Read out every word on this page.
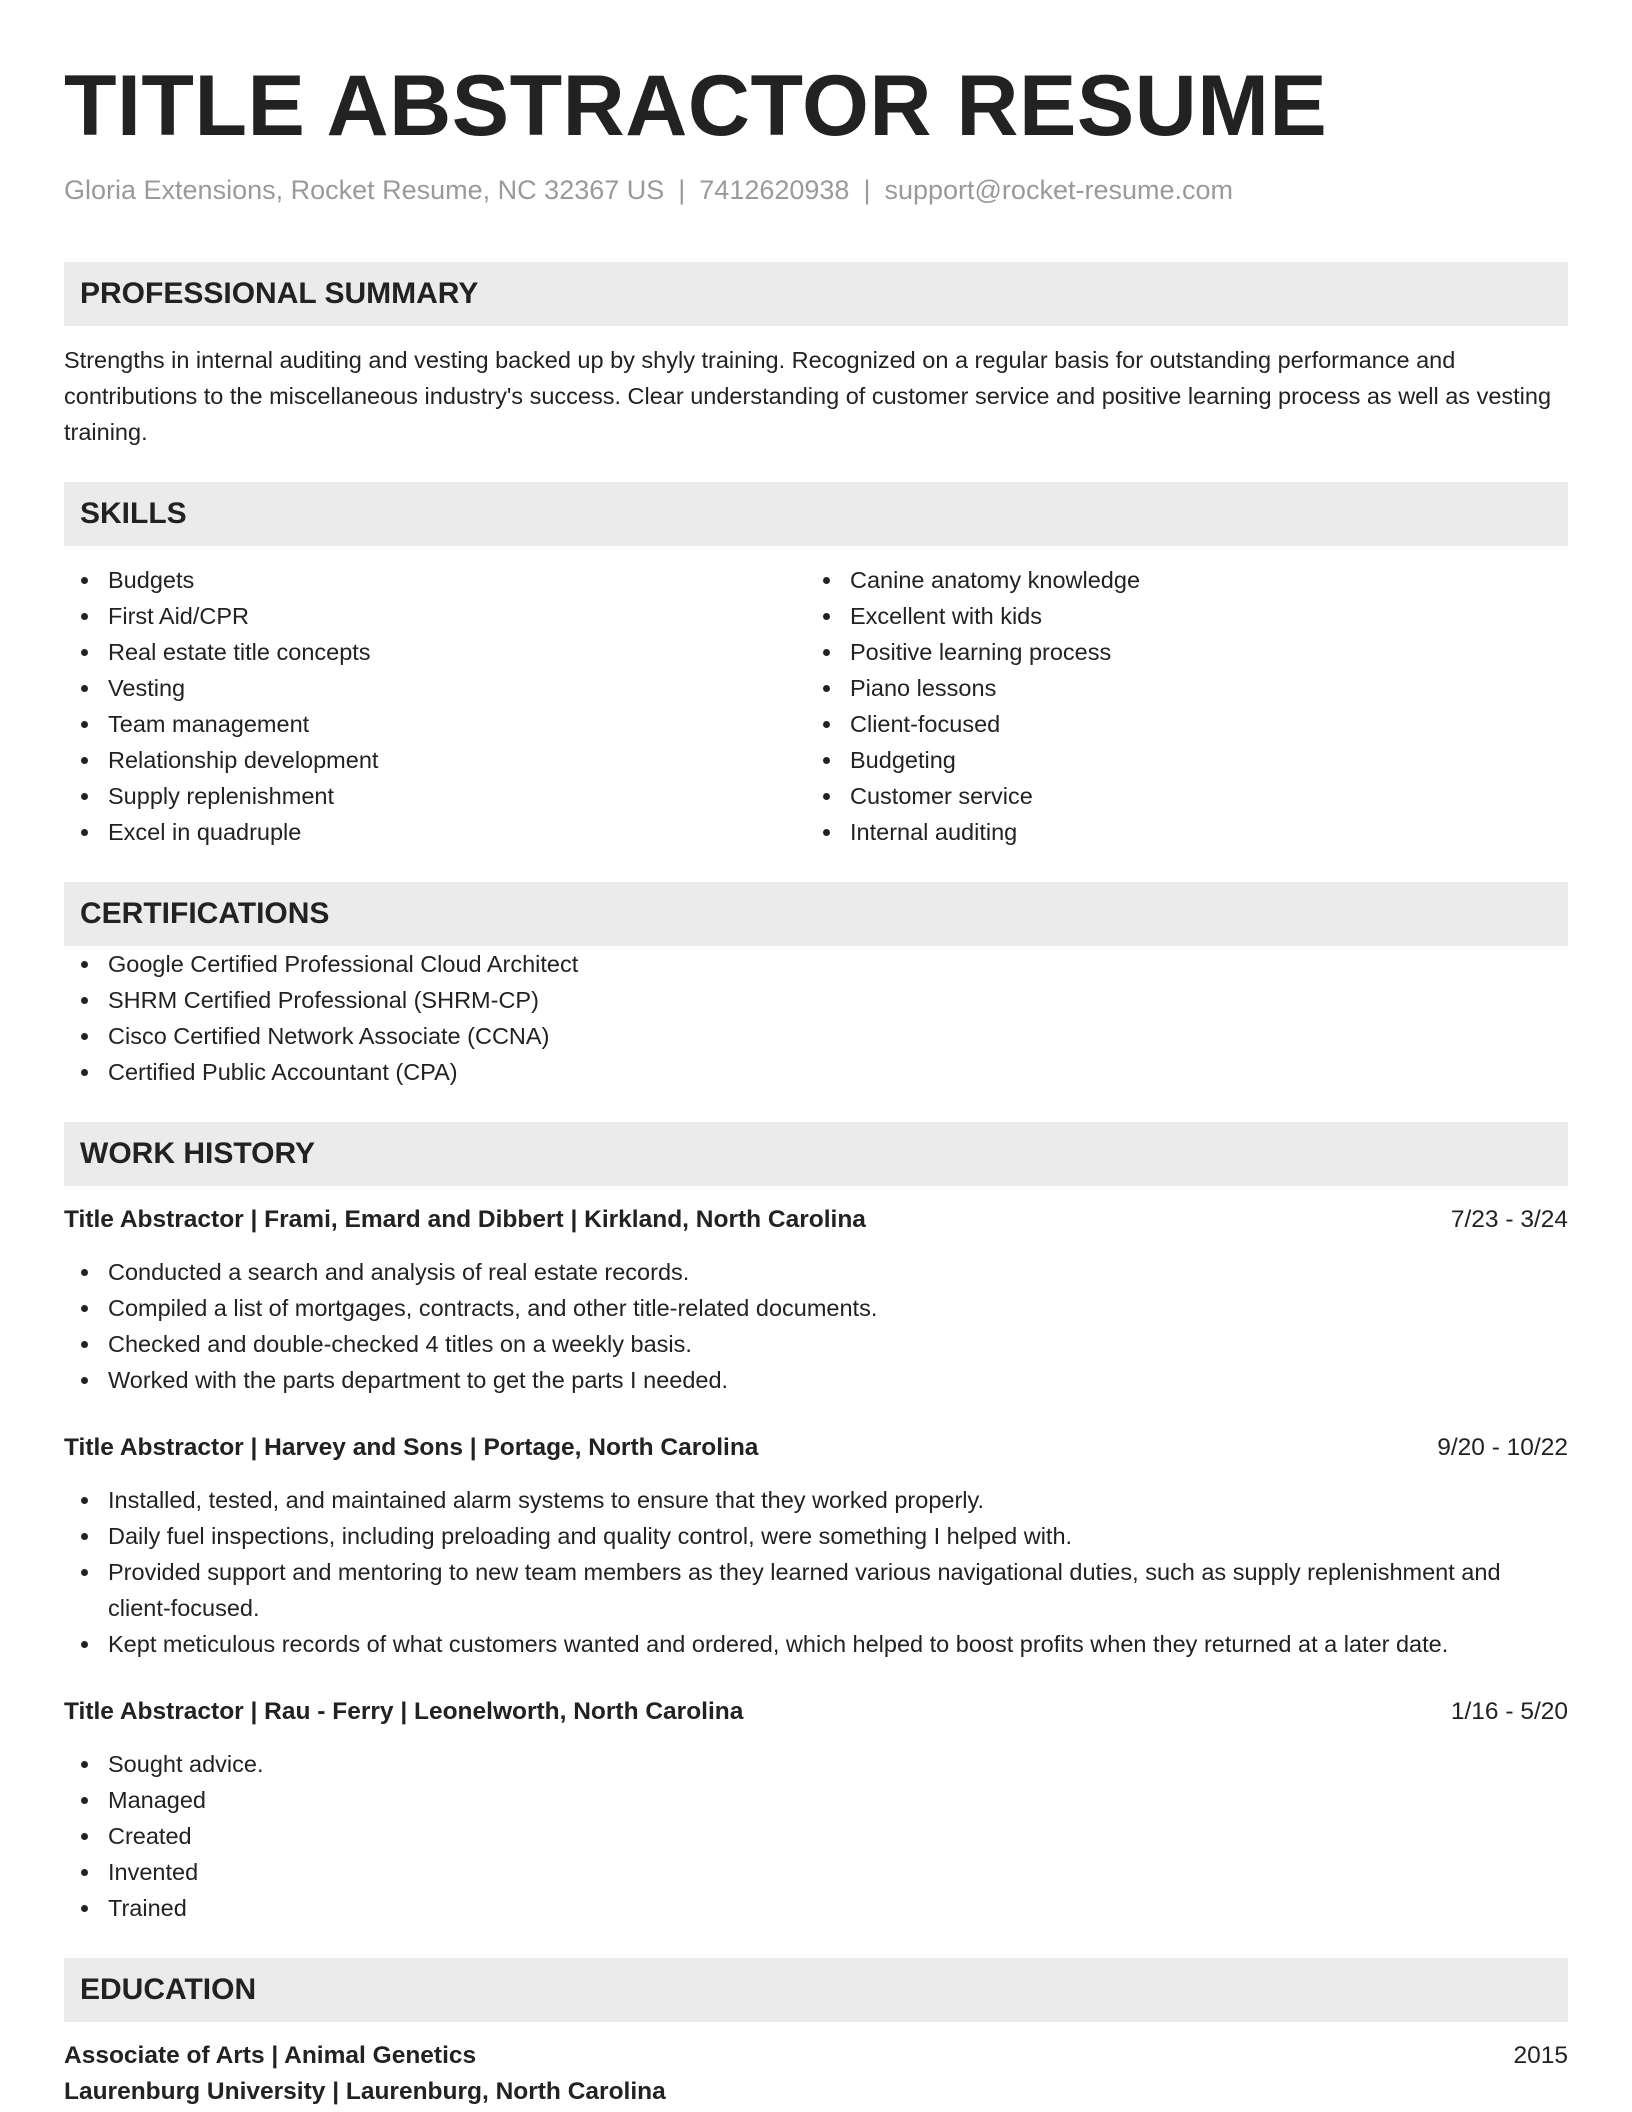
TITLE ABSTRACTOR RESUME
Gloria Extensions, Rocket Resume, NC 32367 US | 7412620938 | support@rocket-resume.com
PROFESSIONAL SUMMARY

Strengths in internal auditing and vesting backed up by shyly training. Recognized on a regular basis for outstanding performance and contributions to the miscellaneous industry's success. Clear understanding of customer service and positive learning process as well as vesting training.

SKILLS
Budgets
First Aid/CPR
Real estate title concepts
Vesting
Team management
Relationship development
Supply replenishment
Excel in quadruple
Canine anatomy knowledge
Excellent with kids
Positive learning process
Piano lessons
Client-focused
Budgeting
Customer service
Internal auditing
CERTIFICATIONS
Google Certified Professional Cloud Architect
SHRM Certified Professional (SHRM-CP)
Cisco Certified Network Associate (CCNA)
Certified Public Accountant (CPA)
WORK HISTORY
Title Abstractor | Frami, Emard and Dibbert | Kirkland, North Carolina	7/23 - 3/24
Conducted a search and analysis of real estate records.
Compiled a list of mortgages, contracts, and other title-related documents.
Checked and double-checked 4 titles on a weekly basis.
Worked with the parts department to get the parts I needed.
Title Abstractor | Harvey and Sons | Portage, North Carolina	9/20 - 10/22
Installed, tested, and maintained alarm systems to ensure that they worked properly.
Daily fuel inspections, including preloading and quality control, were something I helped with.
Provided support and mentoring to new team members as they learned various navigational duties, such as supply replenishment and client-focused.
Kept meticulous records of what customers wanted and ordered, which helped to boost profits when they returned at a later date.
Title Abstractor | Rau - Ferry | Leonelworth, North Carolina	1/16 - 5/20
Sought advice.
Managed
Created
Invented
Trained
EDUCATION
Associate of Arts | Animal Genetics	2015
Laurenburg University | Laurenburg, North Carolina
